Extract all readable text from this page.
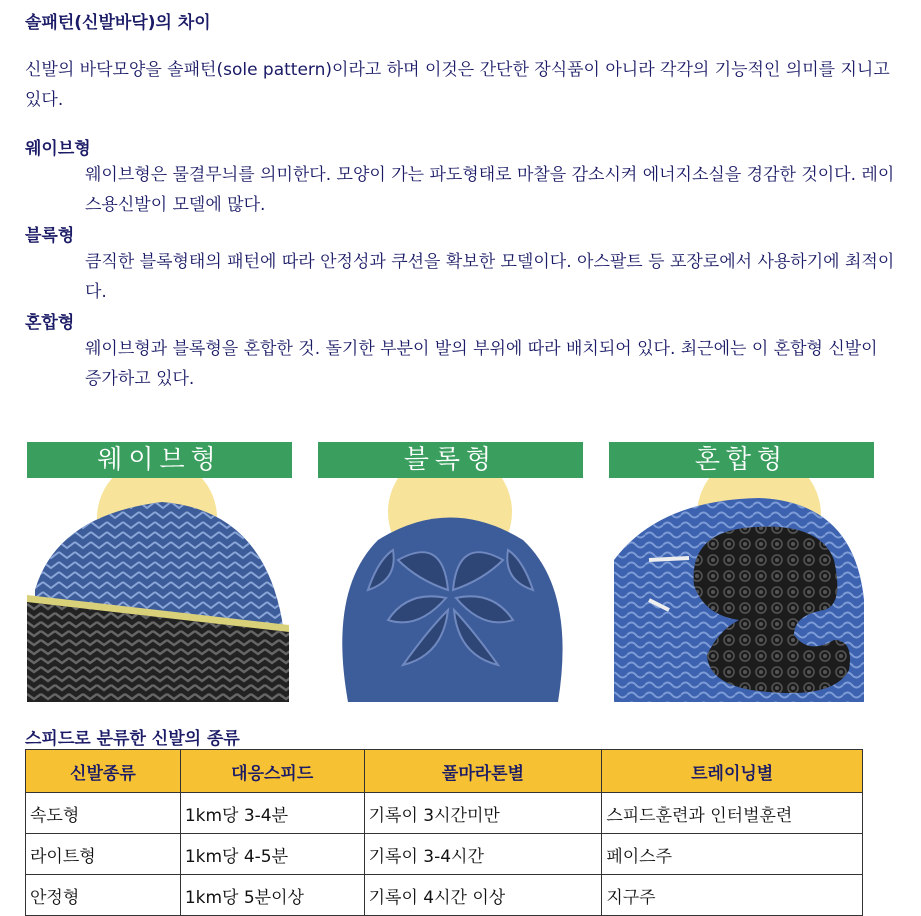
솔패턴(신발바닥)의 차이
신발의 바닥모양을 솔패턴(sole pattern)이라고 하며 이것은 간단한 장식품이 아니라 각각의 기능적인 의미를 지니고 있다.
웨이브형
웨이브형은 물결무늬를 의미한다. 모양이 가는 파도형태로 마찰을 감소시켜 에너지소실을 경감한 것이다. 레이스용신발이 모델에 많다.
블록형
큼직한 블록형태의 패턴에 따라 안정성과 쿠션을 확보한 모델이다. 아스팔트 등 포장로에서 사용하기에 최적이다.
혼합형
웨이브형과 블록형을 혼합한 것. 돌기한 부분이 발의 부위에 따라 배치되어 있다. 최근에는 이 혼합형 신발이 증가하고 있다.
웨이브형	블록형	혼합형
스피드로 분류한 신발의 종류
신발종류	대응스피드	풀마라톤별	트레이닝별
속도형	1km당 3-4분	기록이 3시간미만	스피드훈련과 인터벌훈련
라이트형	1km당 4-5분	기록이 3-4시간	페이스주
안정형	1km당 5분이상	기록이 4시간 이상	지구주
